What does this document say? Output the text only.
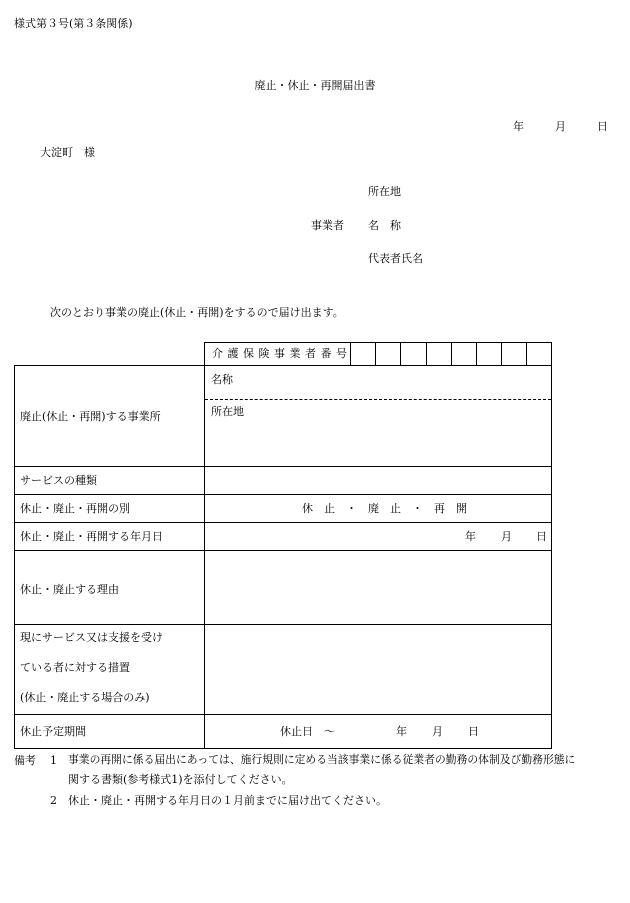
様式第３号(第３条関係)
廃止・休止・再開届出書
年	月	日
大淀町　様
所在地
事業者 名　称
代表者氏名
次のとおり事業の廃止(休止・再開)をするので届け出ます。
介 護 保 険 事 業 者 番 号
廃止(休止・再開)する事業所
名称
所在地
サービスの種類
休止・廃止・再開の別	休　止　・　廃　止　・　再　開
休止・廃止・再開する年月日	年 月 日
休止・廃止する理由
現にサービス又は支援を受け
ている者に対する措置
(休止・廃止する場合のみ)
休止予定期間	休止日　～	年 月 日
備考 1 事業の再開に係る届出にあっては、施行規則に定める当該事業に係る従業者の勤務の体制及び勤務形態に
関する書類(参考様式1)を添付してください。
2 休止・廃止・再開する年月日の１月前までに届け出てください。
